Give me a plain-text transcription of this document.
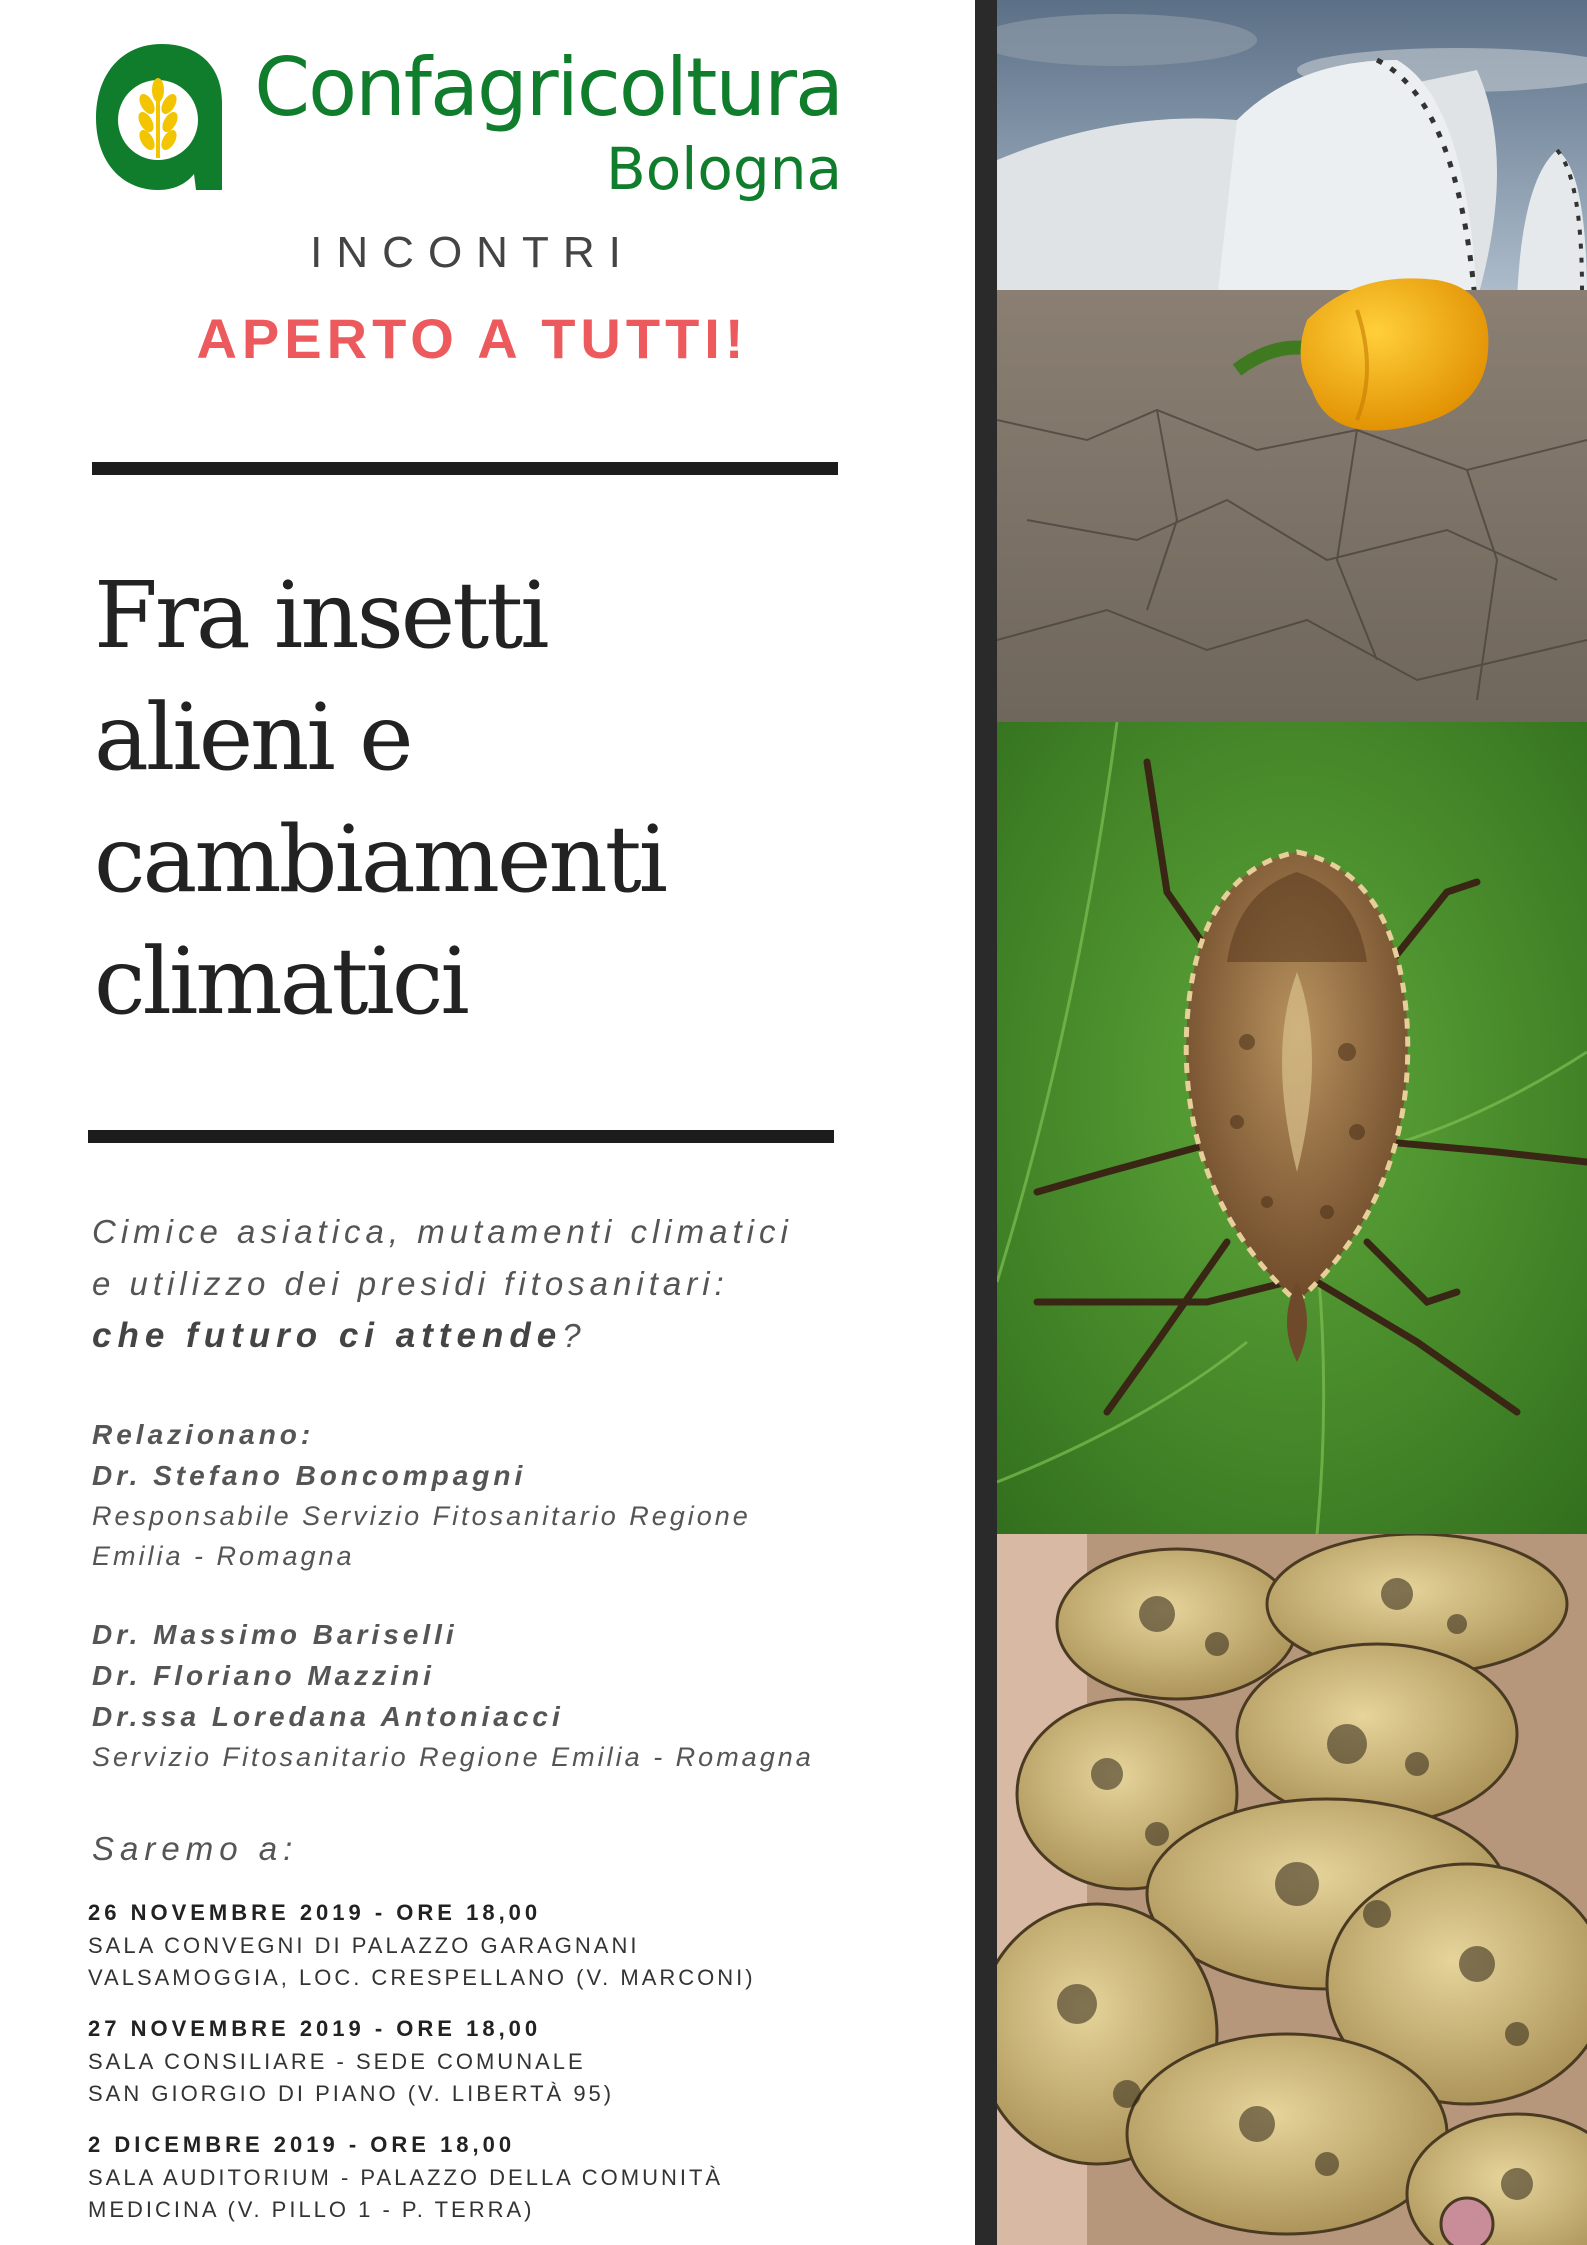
Confagricoltura
Bologna
INCONTRI
APERTO A TUTTI!
Fra insetti
alieni e
cambiamenti
climatici
Cimice asiatica, mutamenti climatici
e utilizzo dei presidi fitosanitari:
che futuro ci attende?
Relazionano:
Dr. Stefano Boncompagni
Responsabile Servizio Fitosanitario Regione
Emilia - Romagna
Dr. Massimo Bariselli
Dr. Floriano Mazzini
Dr.ssa Loredana Antoniacci
Servizio Fitosanitario Regione Emilia - Romagna
Saremo a:
26 NOVEMBRE 2019 - ORE 18,00
SALA CONVEGNI DI PALAZZO GARAGNANI
VALSAMOGGIA, LOC. CRESPELLANO (V. MARCONI)
27 NOVEMBRE 2019 - ORE 18,00
SALA CONSILIARE - SEDE COMUNALE
SAN GIORGIO DI PIANO (V. LIBERTÀ 95)
2 DICEMBRE 2019 - ORE 18,00
SALA AUDITORIUM - PALAZZO DELLA COMUNITÀ
MEDICINA (V. PILLO 1 - P. TERRA)
